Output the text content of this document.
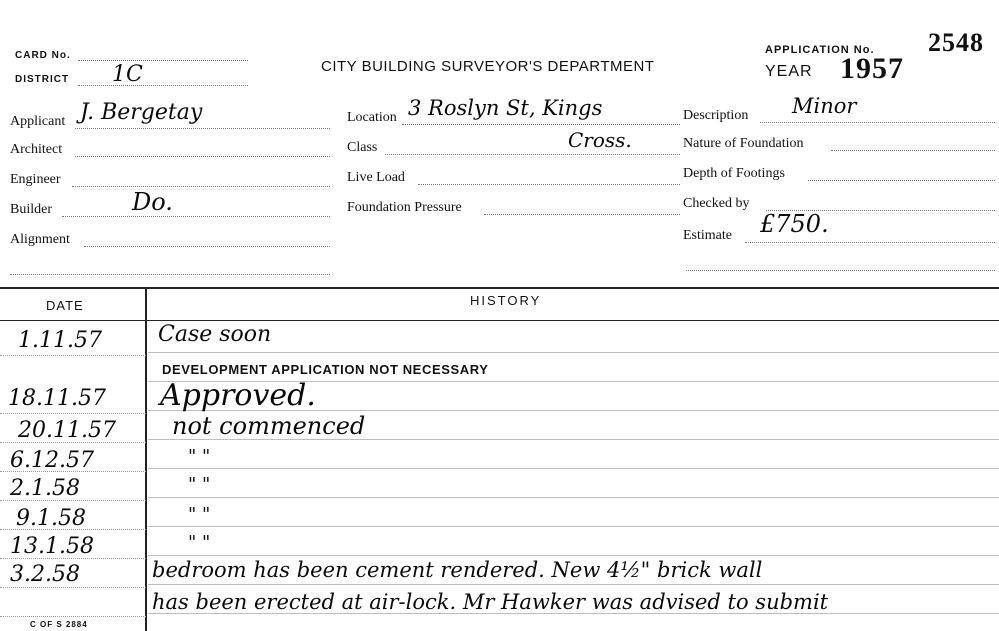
CARD No.
DISTRICT 1C	CITY BUILDING SURVEYOR'S DEPARTMENT
APPLICATION No. 2548
YEAR 1957
Applicant J. Bergetay
Architect
Engineer
Builder	Do.
Alignment
Location 3 Roslyn St, Kings
Class	Cross.
Live Load
Foundation Pressure
Description Minor
Nature of Foundation
Depth of Footings
Checked by
Estimate £750.
DATE	HISTORY
1.11.57	Case soon
DEVELOPMENT APPLICATION NOT NECESSARY
18.11.57 Approved.
20.11.57 not commenced
6.12.57	" "
2.1.58	" "
9.1.58	" "
13.1.58	" "
3.2.58	bedroom has been cement rendered. New 4½" brick wall
has been erected at air-lock. Mr Hawker was advised to submit
C OF S 2884
